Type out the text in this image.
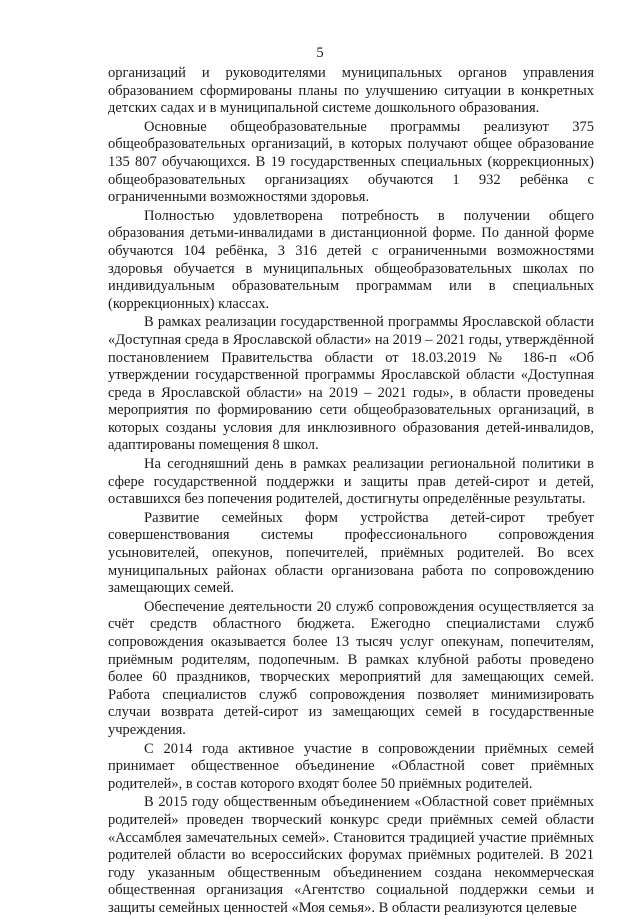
5

организаций и руководителями муниципальных органов управления образованием сформированы планы по улучшению ситуации в конкретных детских садах и в муниципальной системе дошкольного образования.

Основные общеобразовательные программы реализуют 375 общеобразовательных организаций, в которых получают общее образование 135 807 обучающихся. В 19 государственных специальных (коррекционных) общеобразовательных организациях обучаются 1 932 ребёнка с ограниченными возможностями здоровья.

Полностью удовлетворена потребность в получении общего образования детьми-инвалидами в дистанционной форме. По данной форме обучаются 104 ребёнка, 3 316 детей с ограниченными возможностями здоровья обучается в муниципальных общеобразовательных школах по индивидуальным образовательным программам или в специальных (коррекционных) классах.

В рамках реализации государственной программы Ярославской области «Доступная среда в Ярославской области» на 2019 – 2021 годы, утверждённой постановлением Правительства области от 18.03.2019 № 186-п «Об утверждении государственной программы Ярославской области «Доступная среда в Ярославской области» на 2019 – 2021 годы», в области проведены мероприятия по формированию сети общеобразовательных организаций, в которых созданы условия для инклюзивного образования детей-инвалидов, адаптированы помещения 8 школ.

На сегодняшний день в рамках реализации региональной политики в сфере государственной поддержки и защиты прав детей-сирот и детей, оставшихся без попечения родителей, достигнуты определённые результаты.

Развитие семейных форм устройства детей-сирот требует совершенствования системы профессионального сопровождения усыновителей, опекунов, попечителей, приёмных родителей. Во всех муниципальных районах области организована работа по сопровождению замещающих семей.

Обеспечение деятельности 20 служб сопровождения осуществляется за счёт средств областного бюджета. Ежегодно специалистами служб сопровождения оказывается более 13 тысяч услуг опекунам, попечителям, приёмным родителям, подопечным. В рамках клубной работы проведено более 60 праздников, творческих мероприятий для замещающих семей. Работа специалистов служб сопровождения позволяет минимизировать случаи возврата детей-сирот из замещающих семей в государственные учреждения.

С 2014 года активное участие в сопровождении приёмных семей принимает общественное объединение «Областной совет приёмных родителей», в состав которого входят более 50 приёмных родителей.

В 2015 году общественным объединением «Областной совет приёмных родителей» проведен творческий конкурс среди приёмных семей области «Ассамблея замечательных семей». Становится традицией участие приёмных родителей области во всероссийских форумах приёмных родителей. В 2021 году указанным общественным объединением создана некоммерческая общественная организация «Агентство социальной поддержки семьи и защиты семейных ценностей «Моя семья». В области реализуются целевые
